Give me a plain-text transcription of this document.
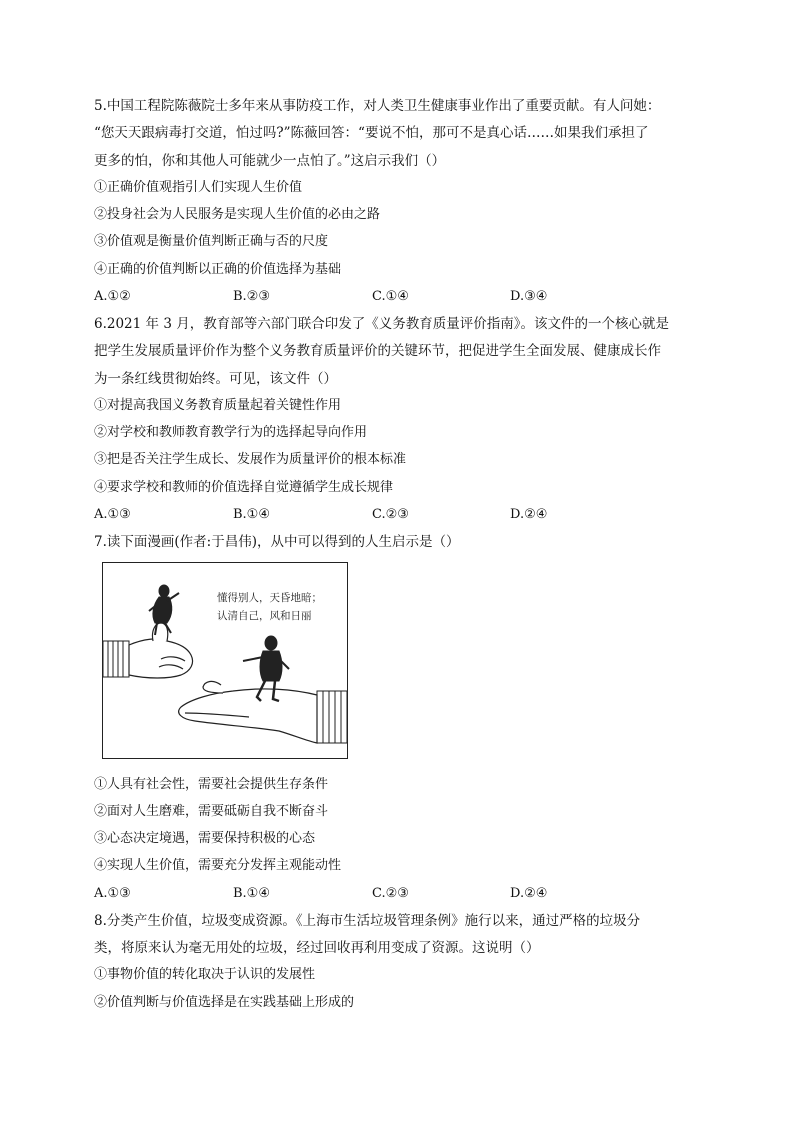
5.中国工程院陈薇院士多年来从事防疫工作，对人类卫生健康事业作出了重要贡献。有人问她：
“您天天跟病毒打交道，怕过吗?”陈薇回答：“要说不怕，那可不是真心话……如果我们承担了
更多的怕，你和其他人可能就少一点怕了。”这启示我们（）
①正确价值观指引人们实现人生价值
②投身社会为人民服务是实现人生价值的必由之路
③价值观是衡量价值判断正确与否的尺度
④正确的价值判断以正确的价值选择为基础
A.①②	B.②③	C.①④	D.③④
6.2021 年 3 月，教育部等六部门联合印发了《义务教育质量评价指南》。该文件的一个核心就是
把学生发展质量评价作为整个义务教育质量评价的关键环节，把促进学生全面发展、健康成长作
为一条红线贯彻始终。可见，该文件（）
①对提高我国义务教育质量起着关键性作用
②对学校和教师教育教学行为的选择起导向作用
③把是否关注学生成长、发展作为质量评价的根本标准
④要求学校和教师的价值选择自觉遵循学生成长规律
A.①③	B.①④	C.②③	D.②④
7.读下面漫画(作者:于昌伟)，从中可以得到的人生启示是（）
懂得别人，天昏地暗；
认清自己，风和日丽
①人具有社会性，需要社会提供生存条件
②面对人生磨难，需要砥砺自我不断奋斗
③心态决定境遇，需要保持积极的心态
④实现人生价值，需要充分发挥主观能动性
A.①③	B.①④	C.②③	D.②④
8.分类产生价值，垃圾变成资源。《上海市生活垃圾管理条例》施行以来，通过严格的垃圾分
类，将原来认为毫无用处的垃圾，经过回收再利用变成了资源。这说明（）
①事物价值的转化取决于认识的发展性
②价值判断与价值选择是在实践基础上形成的
